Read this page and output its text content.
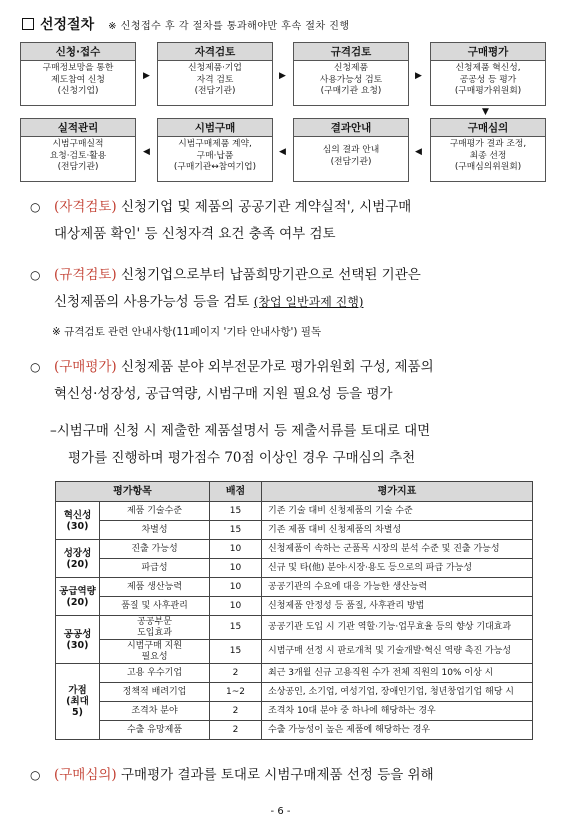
선정절차 ※ 신청접수 후 각 절차를 통과해야만 후속 절차 진행
신청·접수
구매정보망을 통한
제도참여 신청
(신청기업)
▶
자격검토
신청제품·기업
자격 검토
(전담기관)
▶
규격검토
신청제품
사용가능성 검토
(구매기관 요청)
▶
구매평가
신청제품 혁신성,
공공성 등 평가
(구매평가위원회)
▼
실적관리
시범구매실적
요청·검토·활용
(전담기관)
◀
시범구매
시범구매제품 계약,
구매·납품
(구매기관↔참여기업)
◀
결과안내
심의 결과 안내
(전담기관)
◀
구매심의
구매평가 결과 조정,
최종 선정
(구매심의위원회)
○ (자격검토) 신청기업 및 제품의 공공기관 계약실적', 시범구매
대상제품 확인' 등 신청자격 요건 충족 여부 검토
○ (규격검토) 신청기업으로부터 납품희망기관으로 선택된 기관은
신청제품의 사용가능성 등을 검토 (창업 일반과제 진행)
※ 규격검토 관련 안내사항(11페이지 '기타 안내사항') 필독
○ (구매평가) 신청제품 분야 외부전문가로 평가위원회 구성, 제품의
혁신성·성장성, 공급역량, 시범구매 지원 필요성 등을 평가
–시범구매 신청 시 제출한 제품설명서 등 제출서류를 토대로 대면
평가를 진행하며 평가점수 70점 이상인 경우 구매심의 추천
평가항목		배점	평가지표
혁신성
(30)	제품 기술수준	15	기존 기술 대비 신청제품의 기술 수준
	차별성	15	기존 제품 대비 신청제품의 차별성
성장성
(20)	진출 가능성	10	신청제품이 속하는 군품목 시장의 분석 수준 및 진출 가능성
	파급성	10	신규 및 타(他) 분야·시장·용도 등으로의 파급 가능성
공급역량
(20)	제품 생산능력	10	공공기관의 수요에 대응 가능한 생산능력
	품질 및 사후관리	10	신청제품 안정성 등 품질, 사후관리 방법
공공성
(30)	공공부문
도입효과	15	공공기관 도입 시 기관 역할·기능·업무효율 등의 향상 기대효과
	시범구매 지원
필요성	15	시범구매 선정 시 판로개척 및 기술개발·혁신 역량 촉진 가능성
가점
(최대
5)	고용 우수기업	2	최근 3개월 신규 고용직원 수가 전체 직원의 10% 이상 시
	정책적 배려기업	1~2	소상공인, 소기업, 여성기업, 장애인기업, 청년창업기업 해당 시
	조격차 분야	2	조격차 10대 분야 중 하나에 해당하는 경우
	수출 유망제품	2	수출 가능성이 높은 제품에 해당하는 경우
○ (구매심의) 구매평가 결과를 토대로 시범구매제품 선정 등을 위해
- 6 -
